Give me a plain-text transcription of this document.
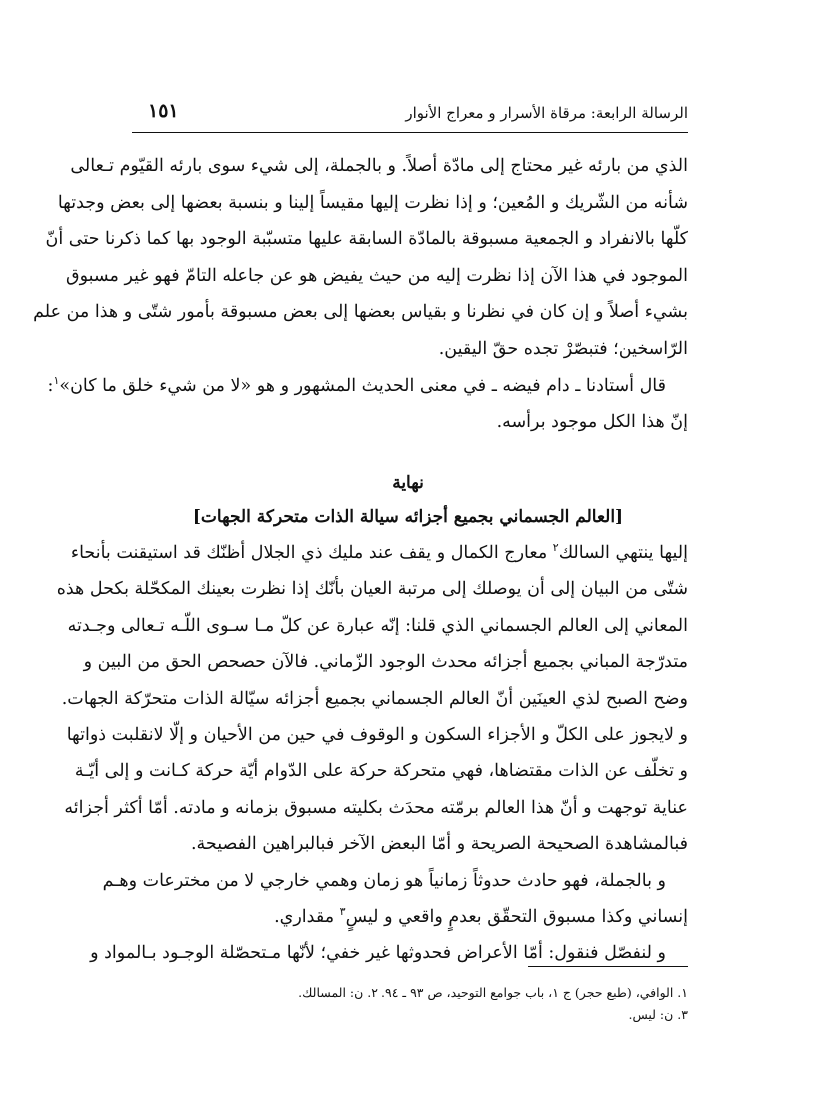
الرسالة الرابعة: مرقاة الأسرار و معراج الأنوار
١٥١
الذي من بارئه غير محتاج إلى مادّة أصلاً. و بالجملة، إلى شيء سوى بارئه القيّوم تـعالى
شأنه من الشّريك و المُعين؛ و إذا نظرت إليها مقيساً إلينا و بنسبة بعضها إلى بعض وجدتها
كلّها بالانفراد و الجمعية مسبوقة بالمادّة السابقة عليها متسبّبة الوجود بها كما ذكرنا حتى أنّ
الموجود في هذا الآن إذا نظرت إليه من حيث يفيض هو عن جاعله التامّ فهو غير مسبوق
بشيء أصلاً و إن كان في نظرنا و بقياس بعضها إلى بعض مسبوقة بأمور شتّى و هذا من علم
الرّاسخين؛ فتبصّرْ تجده حقّ اليقين.
قال أستادنا ـ دام فيضه ـ في معنى الحديث المشهور و هو «لا من شيء خلق ما كان»$^١$:
إنّ هذا الكل موجود برأسه.
نهاية
[العالم الجسماني بجميع أجزائه سيالة الذات متحركة الجهات]
إليها ينتهي السالك$^٢$ معارج الكمال و يقف عند مليك ذي الجلال أظنّك قد استيقنت بأنحاء
شتّى من البيان إلى أن يوصلك إلى مرتبة العيان بأنّك إذا نظرت بعينك المكحّلة بكحل هذه
المعاني إلى العالم الجسماني الذي قلنا: إنّه عبارة عن كلّ مـا سـوى اللّـه تـعالى وجـدته
متدرّجة المباني بجميع أجزائه محدث الوجود الزّماني. فالآن حصحص الحق من البين و
وضح الصبح لذي العينَين أنّ العالم الجسماني بجميع أجزائه سيّالة الذات متحرّكة الجهات.
و لايجوز على الكلّ و الأجزاء السكون و الوقوف في حين من الأحيان و إلّا لانقلبت ذواتها
و تخلّف عن الذات مقتضاها، فهي متحركة حركة على الدّوام أيّة حركة كـانت و إلى أيّـة
عناية توجهت و أنّ هذا العالم برمّته محدَث بكليته مسبوق بزمانه و مادته. أمّا أكثر أجزائه
فبالمشاهدة الصحيحة الصريحة و أمّا البعض الآخر فبالبراهين الفصيحة.
و بالجملة، فهو حادث حدوثاً زمانياً هو زمان وهمي خارجي لا من مخترعات وهـم
إنساني وكذا مسبوق التحقّق بعدمٍ واقعي و ليسٍ$^٣$ مقداري.
و لنفصّل فنقول: أمّا الأعراض فحدوثها غير خفي؛ لأنّها مـتحصّلة الوجـود بـالمواد و
١. الوافي، (طبع حجر) ج ١، باب جوامع التوحيد، ص ٩٣ ـ ٩٤.
٢. ن: المسالك.
٣. ن: ليس.
